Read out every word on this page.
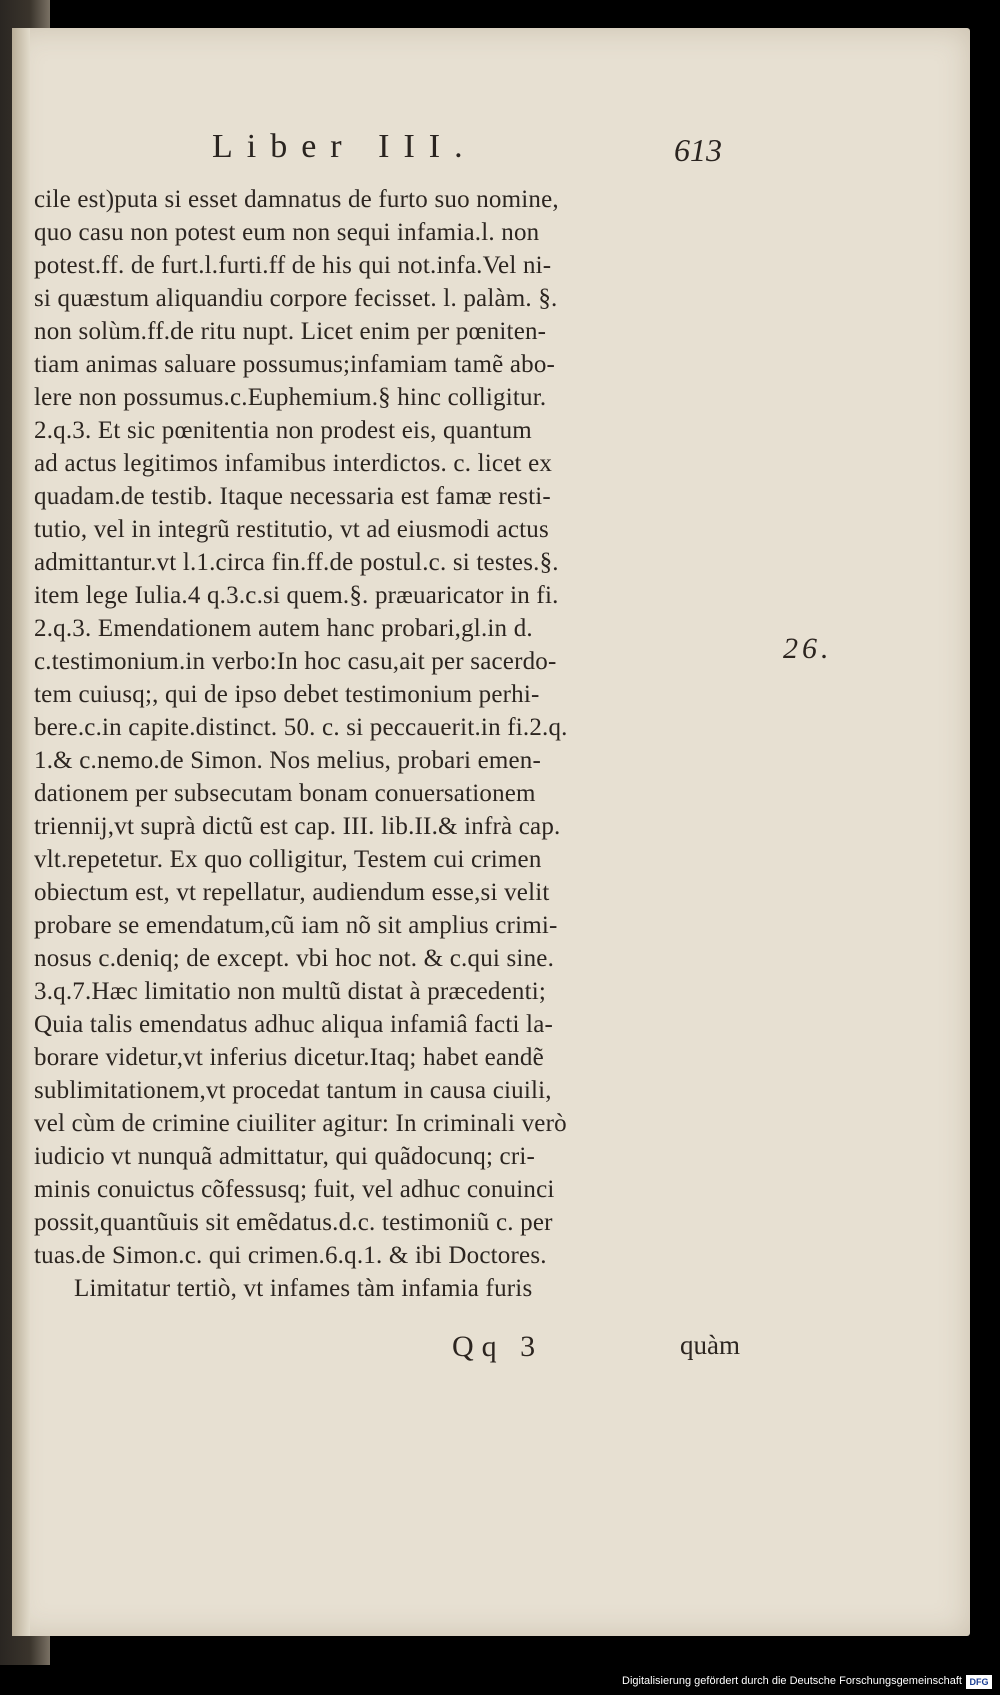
Liber III.	613
cile est)puta si esset damnatus de furto suo nomine,
quo casu non potest eum non sequi infamia.l. non
potest.ff. de furt.l.furti.ff de his qui not.infa.Vel ni-
si quæstum aliquandiu corpore fecisset. l. palàm. §.
non solùm.ff.de ritu nupt. Licet enim per pœniten-
tiam animas saluare possumus;infamiam tamẽ abo-
lere non possumus.c.Euphemium.§ hinc colligitur.
2.q.3. Et sic pœnitentia non prodest eis, quantum
ad actus legitimos infamibus interdictos. c. licet ex
quadam.de testib. Itaque necessaria est famæ resti-
tutio, vel in integrũ restitutio, vt ad eiusmodi actus
admittantur.vt l.1.circa fin.ff.de postul.c. si testes.§.
item lege Iulia.4 q.3.c.si quem.§. præuaricator in fi.
2.q.3. Emendationem autem hanc probari,gl.in d.
c.testimonium.in verbo:In hoc casu,ait per sacerdo-
tem cuiusq;, qui de ipso debet testimonium perhi-
bere.c.in capite.distinct. 50. c. si peccauerit.in fi.2.q.
1.& c.nemo.de Simon. Nos melius, probari emen-
dationem per subsecutam bonam conuersationem
triennij,vt suprà dictũ est cap. III. lib.II.& infrà cap.
vlt.repetetur. Ex quo colligitur, Testem cui crimen
obiectum est, vt repellatur, audiendum esse,si velit
probare se emendatum,cũ iam nõ sit amplius crimi-
nosus c.deniq; de except. vbi hoc not. & c.qui sine.
3.q.7.Hæc limitatio non multũ distat à præcedenti;
Quia talis emendatus adhuc aliqua infamiâ facti la-
borare videtur,vt inferius dicetur.Itaq; habet eandẽ
sublimitationem,vt procedat tantum in causa ciuili,
vel cùm de crimine ciuiliter agitur: In criminali verò
iudicio vt nunquã admittatur, qui quãdocunq; cri-
minis conuictus cõfessusq; fuit, vel adhuc conuinci
possit,quantũuis sit emẽdatus.d.c. testimoniũ c. per
tuas.de Simon.c. qui crimen.6.q.1. & ibi Doctores.
Limitatur tertiò, vt infames tàm infamia furis
26.
Qq 3	quàm
Digitalisierung gefördert durch die Deutsche Forschungsgemeinschaft DFG
